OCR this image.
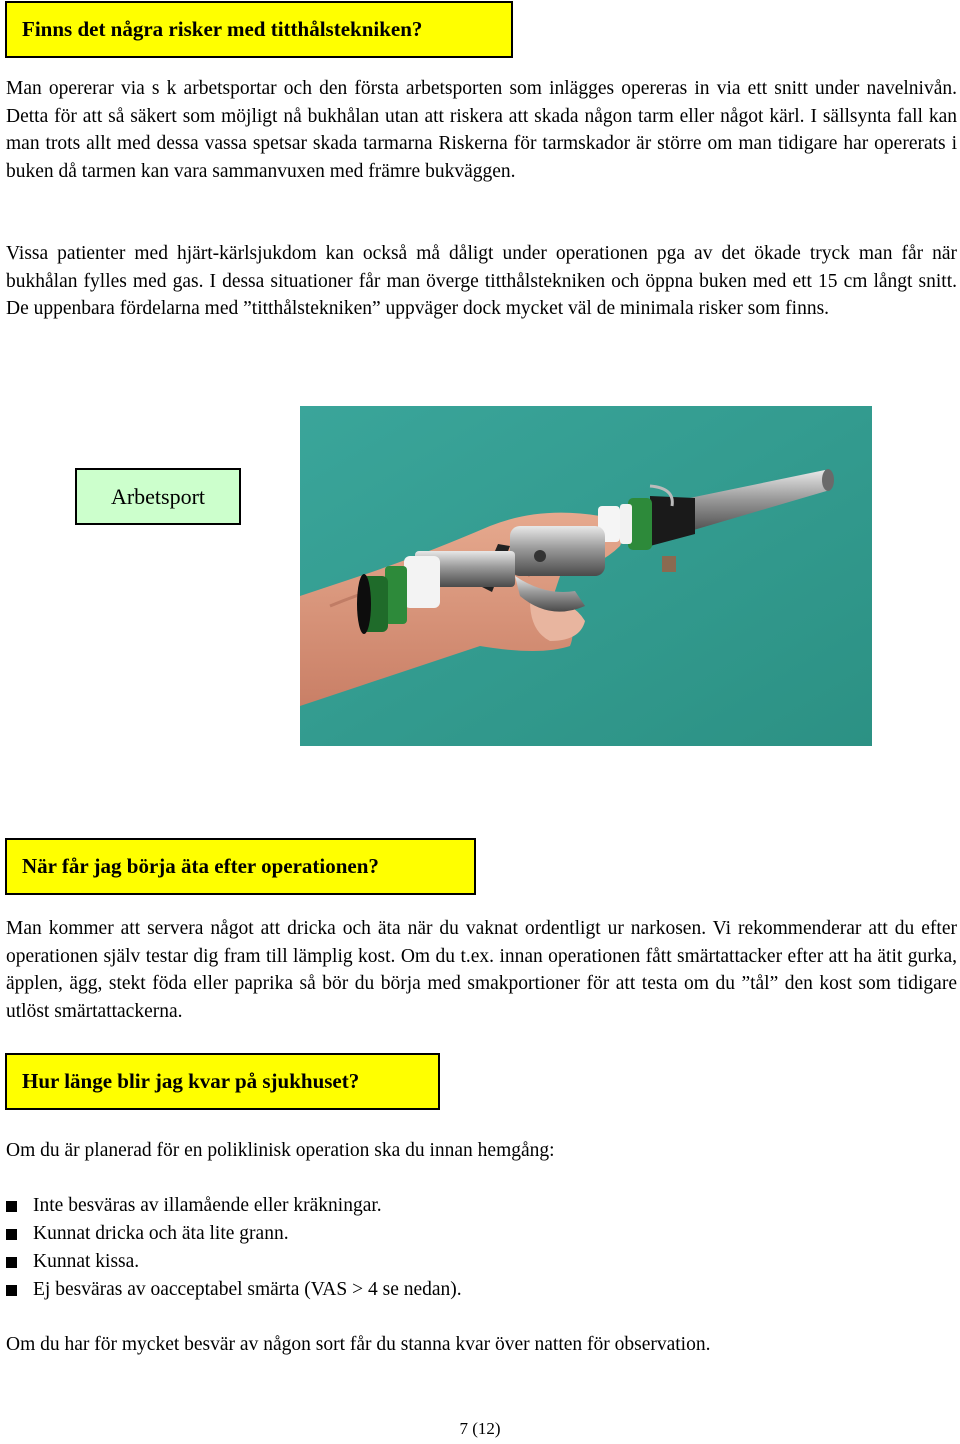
Finns det några risker med titthålstekniken?

Man opererar via s k arbetsportar och den första arbetsporten som inlägges opereras in via ett snitt under navelnivån. Detta för att så säkert som möjligt nå bukhålan utan att riskera att skada någon tarm eller något kärl. I sällsynta fall kan man trots allt med dessa vassa spetsar skada tarmarna Riskerna för tarmskador är större om man tidigare har opererats i buken då tarmen kan vara sammanvuxen med främre bukväggen.

Vissa patienter med hjärt-kärlsjukdom kan också må dåligt under operationen pga av det ökade tryck man får när bukhålan fylles med gas. I dessa situationer får man överge titthålstekniken och öppna buken med ett 15 cm långt snitt. De uppenbara fördelarna med ”titthålstekniken” uppväger dock mycket väl de minimala risker som finns.

Arbetsport
När får jag börja äta efter operationen?

Man kommer att servera något att dricka och äta när du vaknat ordentligt ur narkosen. Vi rekommenderar att du efter operationen själv testar dig fram till lämplig kost. Om du t.ex. innan operationen fått smärtattacker efter att ha ätit gurka, äpplen, ägg, stekt föda eller paprika så bör du börja med smakportioner för att testa om du ”tål” den kost som tidigare utlöst smärtattackerna.

Hur länge blir jag kvar på sjukhuset?

Om du är planerad för en poliklinisk operation ska du innan hemgång:

Inte besväras av illamående eller kräkningar.
Kunnat dricka och äta lite grann.
Kunnat kissa.
Ej besväras av oacceptabel smärta (VAS > 4 se nedan).

Om du har för mycket besvär av någon sort får du stanna kvar över natten för observation.

7 (12)
